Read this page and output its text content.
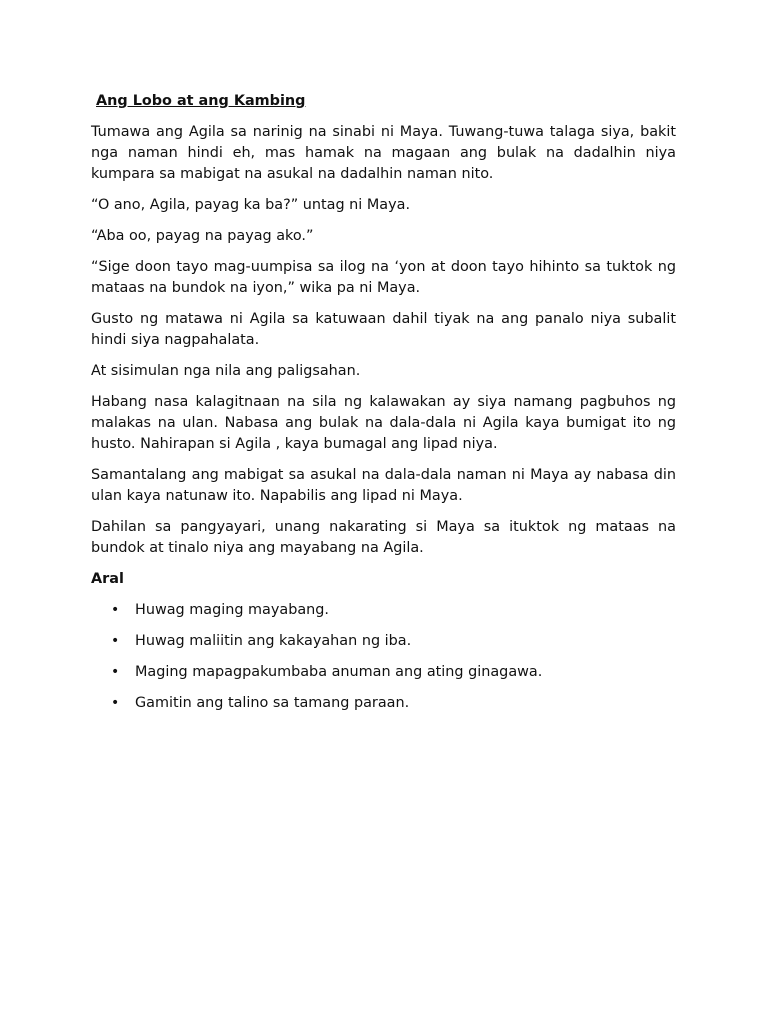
Ang Lobo at ang Kambing

Tumawa ang Agila sa narinig na sinabi ni Maya. Tuwang-tuwa talaga siya, bakit nga naman hindi eh, mas hamak na magaan ang bulak na dadalhin niya kumpara sa mabigat na asukal na dadalhin naman nito.

“O ano, Agila, payag ka ba?” untag ni Maya.

“Aba oo, payag na payag ako.”

“Sige doon tayo mag-uumpisa sa ilog na ‘yon at doon tayo hihinto sa tuktok ng mataas na bundok na iyon,” wika pa ni Maya.

Gusto ng matawa ni Agila sa katuwaan dahil tiyak na ang panalo niya subalit hindi siya nagpahalata.

At sisimulan nga nila ang paligsahan.

Habang nasa kalagitnaan na sila ng kalawakan ay siya namang pagbuhos ng malakas na ulan. Nabasa ang bulak na dala-dala ni Agila kaya bumigat ito ng husto. Nahirapan si Agila , kaya bumagal ang lipad niya.

Samantalang ang mabigat sa asukal na dala-dala naman ni Maya ay nabasa din ulan kaya natunaw ito. Napabilis ang lipad ni Maya.

Dahilan sa pangyayari, unang nakarating si Maya sa ituktok ng mataas na bundok at tinalo niya ang mayabang na Agila.

Aral
• Huwag maging mayabang.
• Huwag maliitin ang kakayahan ng iba.
• Maging mapagpakumbaba anuman ang ating ginagawa.
• Gamitin ang talino sa tamang paraan.
